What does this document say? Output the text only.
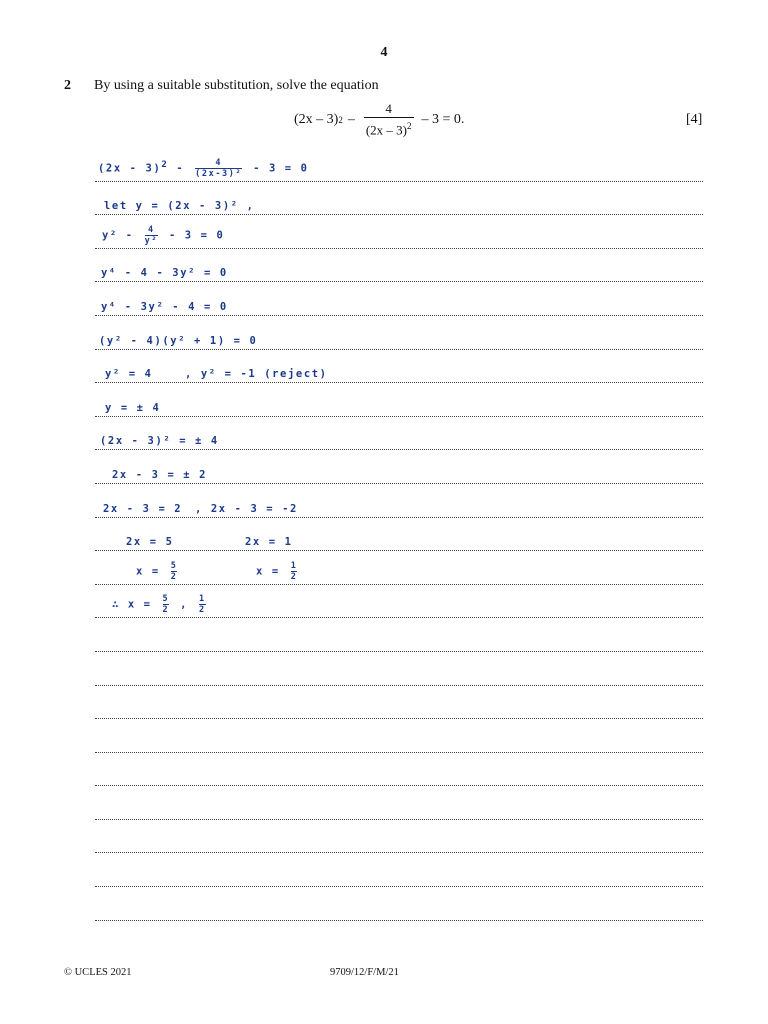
4
2 By using a suitable substitution, solve the equation
(2x – 3) $2 - \frac{4}{(2x - 3)^2} - 3 = 0$.	[4]
$(2x - 3)^2 - \frac{4}{\text{(2x-3)²}} - 3 = 0$
let y = (2x - 3)² ,
$y^2 - \frac{4}{\text{y²}} - 3 = 0$
y⁴ - 4 - 3y² = 0
y⁴ - 3y² - 4 = 0
(y² - 4)(y² + 1) = 0
y² = 4	, y² = -1 (reject)
y = ± 4
(2x - 3)² = ± 4
2x - 3 = ± 2
2x - 3 = 2 , 2x - 3 = -2
2x = 5	2x = 1
$x = \frac{5}{2}$	$x = \frac{1}{2}$
∴ $x = \frac{5}{2}$ , $\frac{1}{2}$
© UCLES 2021	9709/12/F/M/21
